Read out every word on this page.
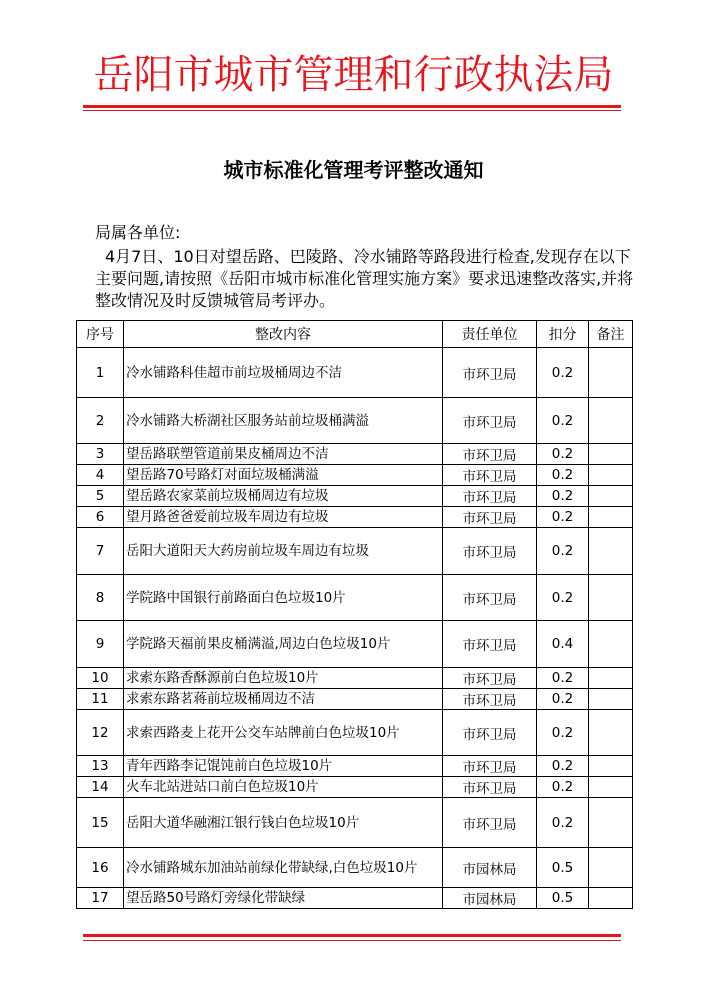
岳阳市城市管理和行政执法局
城市标准化管理考评整改通知
局属各单位:
4月7日、10日对望岳路、巴陵路、冷水铺路等路段进行检查,发现存在以下主要问题,请按照《岳阳市城市标准化管理实施方案》要求迅速整改落实,并将整改情况及时反馈城管局考评办。
序号	整改内容	责任单位	扣分	备注
1	冷水铺路科佳超市前垃圾桶周边不洁	市环卫局	0.2	
2	冷水铺路大桥湖社区服务站前垃圾桶满溢	市环卫局	0.2	
3	望岳路联塑管道前果皮桶周边不洁	市环卫局	0.2	
4	望岳路70号路灯对面垃圾桶满溢	市环卫局	0.2	
5	望岳路农家菜前垃圾桶周边有垃圾	市环卫局	0.2	
6	望月路爸爸爱前垃圾车周边有垃圾	市环卫局	0.2	
7	岳阳大道阳天大药房前垃圾车周边有垃圾	市环卫局	0.2	
8	学院路中国银行前路面白色垃圾10片	市环卫局	0.2	
9	学院路天福前果皮桶满溢,周边白色垃圾10片	市环卫局	0.4	
10	求索东路香酥源前白色垃圾10片	市环卫局	0.2	
11	求索东路茗蒋前垃圾桶周边不洁	市环卫局	0.2	
12	求索西路麦上花开公交车站牌前白色垃圾10片	市环卫局	0.2	
13	青年西路李记馄饨前白色垃圾10片	市环卫局	0.2	
14	火车北站进站口前白色垃圾10片	市环卫局	0.2	
15	岳阳大道华融湘江银行钱白色垃圾10片	市环卫局	0.2	
16	冷水铺路城东加油站前绿化带缺绿,白色垃圾10片	市园林局	0.5	
17	望岳路50号路灯旁绿化带缺绿	市园林局	0.5	
